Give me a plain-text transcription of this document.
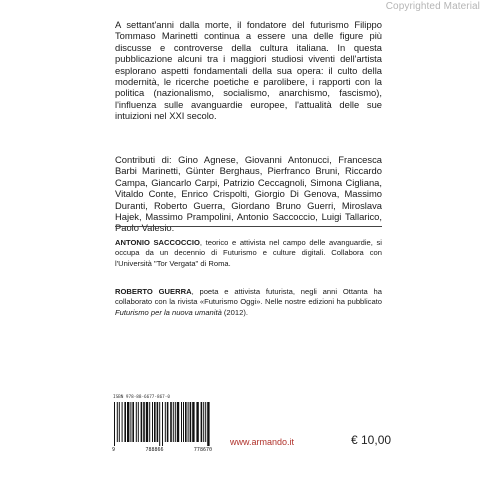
Copyrighted Material

A settant'anni dalla morte, il fondatore del futurismo Filippo Tommaso Marinetti continua a essere una delle figure più discusse e controverse della cultura italiana. In questa pubblicazione alcuni tra i maggiori studiosi viventi dell'artista esplorano aspetti fondamentali della sua opera: il culto della modernità, le ricerche poetiche e parolibere, i rapporti con la politica (nazionalismo, socialismo, anarchismo, fascismo), l'influenza sulle avanguardie europee, l'attualità delle sue intuizioni nel XXI secolo.

Contributi di: Gino Agnese, Giovanni Antonucci, Francesca Barbi Marinetti, Günter Berghaus, Pierfranco Bruni, Riccardo Campa, Giancarlo Carpi, Patrizio Ceccagnoli, Simona Cigliana, Vitaldo Conte, Enrico Crispolti, Giorgio Di Genova, Massimo Duranti, Roberto Guerra, Giordano Bruno Guerri, Miroslava Hajek, Massimo Prampolini, Antonio Saccoccio, Luigi Tallarico, Paolo Valesio.

ANTONIO SACCOCCIO, teorico e attivista nel campo delle avanguardie, si occupa da un decennio di Futurismo e culture digitali. Collabora con l'Università "Tor Vergata" di Roma.

ROBERTO GUERRA, poeta e attivista futurista, negli anni Ottanta ha collaborato con la rivista «Futurismo Oggi». Nelle nostre edizioni ha pubblicato Futurismo per la nuova umanità (2012).

ISBN 978-88-6677-867-0
9	788866	778670
www.armando.it	€ 10,00
